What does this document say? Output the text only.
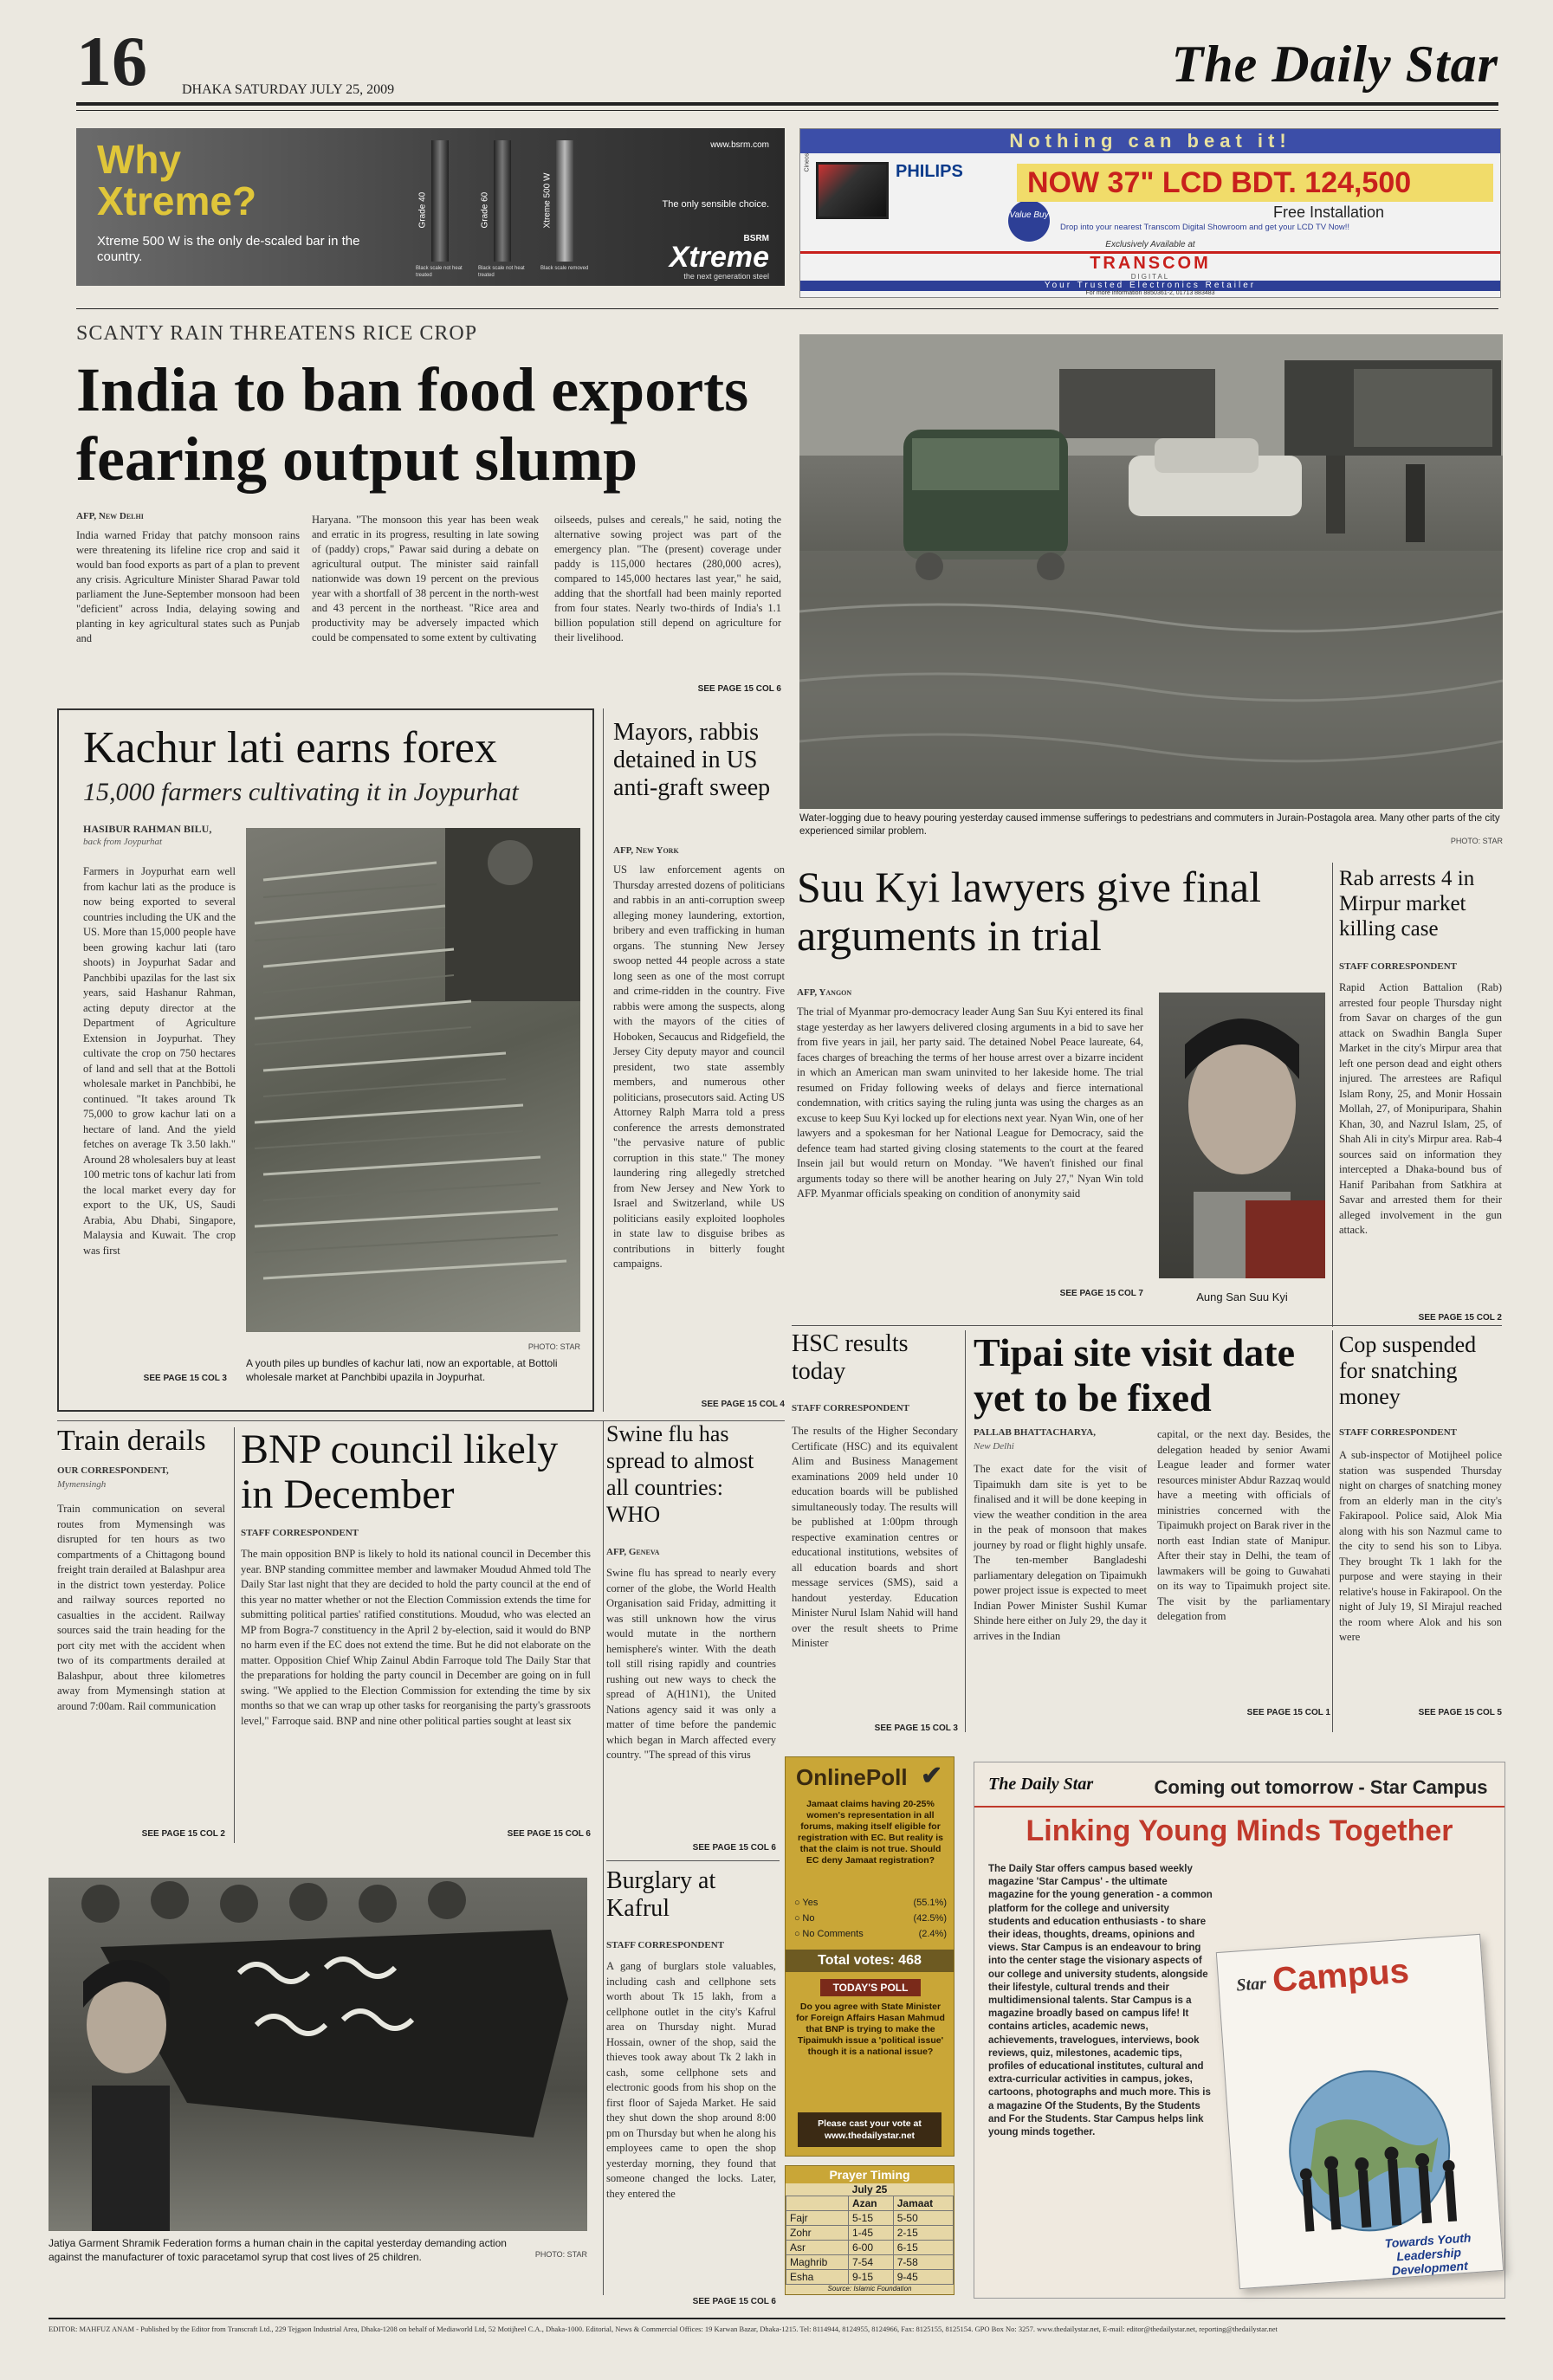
16	DHAKA SATURDAY JULY 25, 2009	The Daily Star
Why Xtreme?
Xtreme 500 W is the only de-scaled bar in the country.
Grade 40	Grade 60	Xtreme 500 W
Black scale not heat treated
Black scale not heat treated
Black scale removed
www.bsrm.com
The only sensible choice.
BSRM
Xtreme
the next generation steel
Nothing can beat it!
Cineos	PHILIPS
Value Buy
NOW 37" LCD BDT. 124,500
Free Installation
Drop into your nearest Transcom Digital Showroom and get your LCD TV Now!!
Exclusively Available at
TRANSCOM
DIGITAL
Your Trusted Electronics Retailer
For more information 8850361-2, 01713 883483
SCANTY RAIN THREATENS RICE CROP
India to ban food exports fearing output slump
AFP, New Delhi
India warned Friday that patchy monsoon rains were threatening its lifeline rice crop and said it would ban food exports as part of a plan to prevent any crisis. Agriculture Minister Sharad Pawar told parliament the June-September monsoon had been "deficient" across India, delaying sowing and planting in key agricultural states such as Punjab and
Haryana. "The monsoon this year has been weak and erratic in its progress, resulting in late sowing of (paddy) crops," Pawar said during a debate on agricultural output. The minister said rainfall nationwide was down 19 percent on the previous year with a shortfall of 38 percent in the north-west and 43 percent in the northeast. "Rice area and productivity may be adversely impacted which could be compensated to some extent by cultivating
oilseeds, pulses and cereals," he said, noting the alternative sowing project was part of the emergency plan. "The (present) coverage under paddy is 115,000 hectares (280,000 acres), compared to 145,000 hectares last year," he said, adding that the shortfall had been mainly reported from four states. Nearly two-thirds of India's 1.1 billion population still depend on agriculture for their livelihood.
SEE PAGE 15 COL 6
Water-logging due to heavy pouring yesterday caused immense sufferings to pedestrians and commuters in Jurain-Postagola area. Many other parts of the city experienced similar problem.
PHOTO: STAR
Kachur lati earns forex
15,000 farmers cultivating it in Joypurhat
HASIBUR RAHMAN BILU,
back from Joypurhat
Farmers in Joypurhat earn well from kachur lati as the produce is now being exported to several countries including the UK and the US. More than 15,000 people have been growing kachur lati (taro shoots) in Joypurhat Sadar and Panchbibi upazilas for the last six years, said Hashanur Rahman, acting deputy director at the Department of Agriculture Extension in Joypurhat. They cultivate the crop on 750 hectares of land and sell that at the Bottoli wholesale market in Panchbibi, he continued. "It takes around Tk 75,000 to grow kachur lati on a hectare of land. And the yield fetches on average Tk 3.50 lakh." Around 28 wholesalers buy at least 100 metric tons of kachur lati from the local market every day for export to the UK, US, Saudi Arabia, Abu Dhabi, Singapore, Malaysia and Kuwait. The crop was first
SEE PAGE 15 COL 3
A youth piles up bundles of kachur lati, now an exportable, at Bottoli wholesale market at Panchbibi upazila in Joypurhat.
PHOTO: STAR
Mayors, rabbis detained in US anti-graft sweep
AFP, New York
US law enforcement agents on Thursday arrested dozens of politicians and rabbis in an anti-corruption sweep alleging money laundering, extortion, bribery and even trafficking in human organs. The stunning New Jersey swoop netted 44 people across a state long seen as one of the most corrupt and crime-ridden in the country. Five rabbis were among the suspects, along with the mayors of the cities of Hoboken, Secaucus and Ridgefield, the Jersey City deputy mayor and council president, two state assembly members, and numerous other politicians, prosecutors said. Acting US Attorney Ralph Marra told a press conference the arrests demonstrated "the pervasive nature of public corruption in this state." The money laundering ring allegedly stretched from New Jersey and New York to Israel and Switzerland, while US politicians easily exploited loopholes in state law to disguise bribes as contributions in bitterly fought campaigns.
SEE PAGE 15 COL 4
Suu Kyi lawyers give final arguments in trial
AFP, Yangon
The trial of Myanmar pro-democracy leader Aung San Suu Kyi entered its final stage yesterday as her lawyers delivered closing arguments in a bid to save her from five years in jail, her party said. The detained Nobel Peace laureate, 64, faces charges of breaching the terms of her house arrest over a bizarre incident in which an American man swam uninvited to her lakeside home. The trial resumed on Friday following weeks of delays and fierce international condemnation, with critics saying the ruling junta was using the charges as an excuse to keep Suu Kyi locked up for elections next year. Nyan Win, one of her lawyers and a spokesman for her National League for Democracy, said the defence team had started giving closing statements to the court at the feared Insein jail but would return on Monday. "We haven't finished our final arguments today so there will be another hearing on July 27," Nyan Win told AFP. Myanmar officials speaking on condition of anonymity said
SEE PAGE 15 COL 7	Aung San Suu Kyi
Rab arrests 4 in Mirpur market killing case
STAFF CORRESPONDENT
Rapid Action Battalion (Rab) arrested four people Thursday night from Savar on charges of the gun attack on Swadhin Bangla Super Market in the city's Mirpur area that left one person dead and eight others injured. The arrestees are Rafiqul Islam Rony, 25, and Monir Hossain Mollah, 27, of Monipuripara, Shahin Khan, 30, and Nazrul Islam, 25, of Shah Ali in city's Mirpur area. Rab-4 sources said on information they intercepted a Dhaka-bound bus of Hanif Paribahan from Satkhira at Savar and arrested them for their alleged involvement in the gun attack.
SEE PAGE 15 COL 2
HSC results today
STAFF CORRESPONDENT
The results of the Higher Secondary Certificate (HSC) and its equivalent Alim and Business Management examinations 2009 held under 10 education boards will be published simultaneously today. The results will be published at 1:00pm through respective examination centres or educational institutions, websites of all education boards and short message services (SMS), said a handout yesterday. Education Minister Nurul Islam Nahid will hand over the result sheets to Prime Minister
SEE PAGE 15 COL 3
Tipai site visit date yet to be fixed
PALLAB BHATTACHARYA,
New Delhi
The exact date for the visit of Tipaimukh dam site is yet to be finalised and it will be done keeping in view the weather condition in the area in the peak of monsoon that makes journey by road or flight highly unsafe. The ten-member Bangladeshi parliamentary delegation on Tipaimukh power project issue is expected to meet Indian Power Minister Sushil Kumar Shinde here either on July 29, the day it arrives in the Indian
capital, or the next day. Besides, the delegation headed by senior Awami League leader and former water resources minister Abdur Razzaq would have a meeting with officials of ministries concerned with the Tipaimukh project on Barak river in the north east Indian state of Manipur. After their stay in Delhi, the team of lawmakers will be going to Guwahati on its way to Tipaimukh project site. The visit by the parliamentary delegation from
SEE PAGE 15 COL 1
Cop suspended for snatching money
STAFF CORRESPONDENT
A sub-inspector of Motijheel police station was suspended Thursday night on charges of snatching money from an elderly man in the city's Fakirapool. Police said, Alok Mia along with his son Nazmul came to the city to send his son to Libya. They brought Tk 1 lakh for the purpose and were staying in their relative's house in Fakirapool. On the night of July 19, SI Mirajul reached the room where Alok and his son were
SEE PAGE 15 COL 5
Train derails
OUR CORRESPONDENT,
Mymensingh
Train communication on several routes from Mymensingh was disrupted for ten hours as two compartments of a Chittagong bound freight train derailed at Balashpur area in the district town yesterday. Police and railway sources reported no casualties in the accident. Railway sources said the train heading for the port city met with the accident when two of its compartments derailed at Balashpur, about three kilometres away from Mymensingh station at around 7:00am. Rail communication
SEE PAGE 15 COL 2
BNP council likely in December
STAFF CORRESPONDENT
The main opposition BNP is likely to hold its national council in December this year. BNP standing committee member and lawmaker Moudud Ahmed told The Daily Star last night that they are decided to hold the party council at the end of this year no matter whether or not the Election Commission extends the time for submitting political parties' ratified constitutions. Moudud, who was elected an MP from Bogra-7 constituency in the April 2 by-election, said it would do BNP no harm even if the EC does not extend the time. But he did not elaborate on the matter. Opposition Chief Whip Zainul Abdin Farroque told The Daily Star that the preparations for holding the party council in December are going on in full swing. "We applied to the Election Commission for extending the time by six months so that we can wrap up other tasks for reorganising the party's grassroots level," Farroque said. BNP and nine other political parties sought at least six
SEE PAGE 15 COL 6
Swine flu has spread to almost all countries: WHO
AFP, Geneva
Swine flu has spread to nearly every corner of the globe, the World Health Organisation said Friday, admitting it was still unknown how the virus would mutate in the northern hemisphere's winter. With the death toll still rising rapidly and countries rushing out new ways to check the spread of A(H1N1), the United Nations agency said it was only a matter of time before the pandemic which began in March affected every country. "The spread of this virus
SEE PAGE 15 COL 6
Burglary at Kafrul
STAFF CORRESPONDENT
A gang of burglars stole valuables, including cash and cellphone sets worth about Tk 15 lakh, from a cellphone outlet in the city's Kafrul area on Thursday night. Murad Hossain, owner of the shop, said the thieves took away about Tk 2 lakh in cash, some cellphone sets and electronic goods from his shop on the first floor of Sajeda Market. He said they shut down the shop around 8:00 pm on Thursday but when he along his employees came to open the shop yesterday morning, they found that someone changed the locks. Later, they entered the
SEE PAGE 15 COL 6
OnlinePoll ✔
Jamaat claims having 20-25% women's representation in all forums, making itself eligible for registration with EC. But reality is that the claim is not true. Should EC deny Jamaat registration?
○ Yes	(55.1%)
○ No	(42.5%)
○ No Comments	(2.4%)
Total votes: 468
TODAY'S POLL
Do you agree with State Minister for Foreign Affairs Hasan Mahmud that BNP is trying to make the Tipaimukh issue a 'political issue' though it is a national issue?
Please cast your vote at www.thedailystar.net
Prayer Timing
July 25
	Azan	Jamaat
Fajr	5-15	5-50
Zohr	1-45	2-15
Asr	6-00	6-15
Maghrib	7-54	7-58
Esha	9-15	9-45
Source: Islamic Foundation
The Daily Star	Coming out tomorrow - Star Campus
Linking Young Minds Together
The Daily Star offers campus based weekly magazine 'Star Campus' - the ultimate magazine for the young generation - a common platform for the college and university students and education enthusiasts - to share their ideas, thoughts, dreams, opinions and views. Star Campus is an endeavour to bring into the center stage the visionary aspects of our college and university students, alongside their lifestyle, cultural trends and their multidimensional talents. Star Campus is a magazine broadly based on campus life! It contains articles, academic news, achievements, travelogues, interviews, book reviews, quiz, milestones, academic tips, profiles of educational institutes, cultural and extra-curricular activities in campus, jokes, cartoons, photographs and much more. This is a magazine Of the Students, By the Students and For the Students. Star Campus helps link young minds together.
Star Campus
Towards Youth Leadership Development
Jatiya Garment Shramik Federation forms a human chain in the capital yesterday demanding action against the manufacturer of toxic paracetamol syrup that cost lives of 25 children.	PHOTO: STAR
EDITOR: MAHFUZ ANAM - Published by the Editor from Transcraft Ltd., 229 Tejgaon Industrial Area, Dhaka-1208 on behalf of Mediaworld Ltd, 52 Motijheel C.A., Dhaka-1000. Editorial, News & Commercial Offices: 19 Karwan Bazar, Dhaka-1215. Tel: 8114944, 8124955, 8124966, Fax: 8125155, 8125154. GPO Box No: 3257. www.thedailystar.net, E-mail: editor@thedailystar.net, reporting@thedailystar.net
